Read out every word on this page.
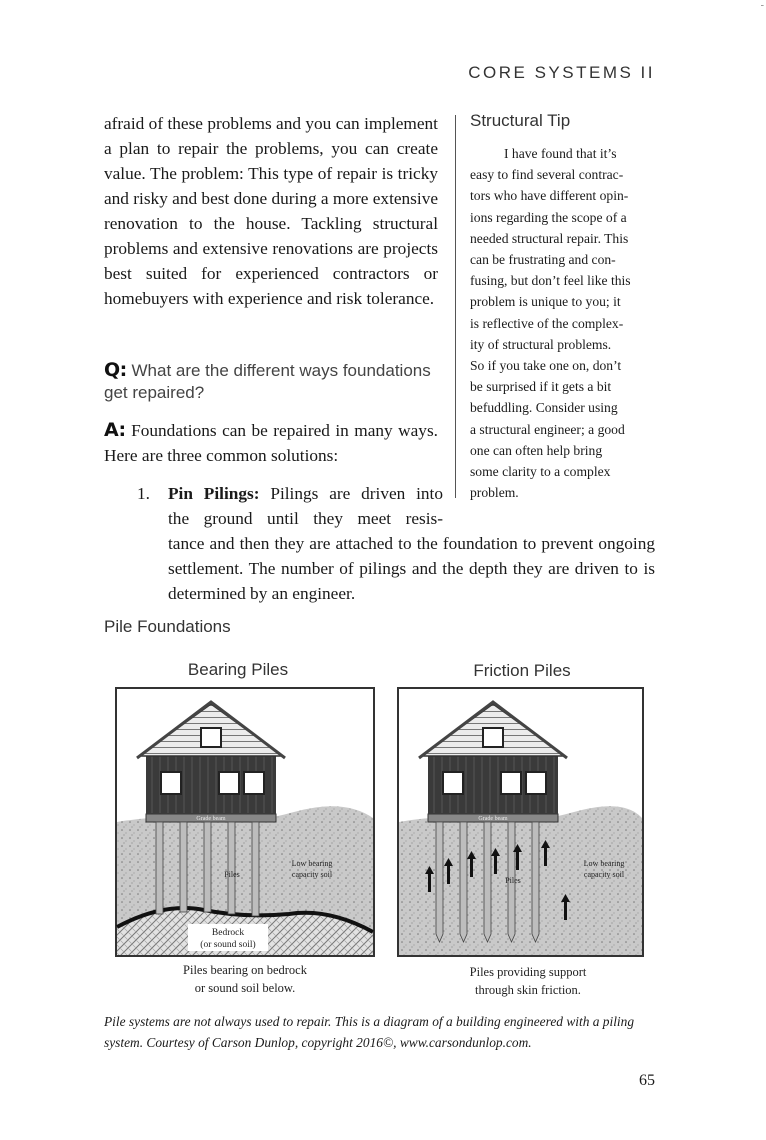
-
CORE SYSTEMS II

afraid of these problems and you can implement a plan to repair the problems, you can create value. The problem: This type of repair is tricky and risky and best done during a more extensive renovation to the house. Tackling structural problems and extensive renovations are projects best suited for experienced contractors or homebuyers with experience and risk tolerance.

Q: What are the different ways foundations get repaired?
A: Foundations can be repaired in many ways. Here are three common solutions:
1. Pin Pilings: Pilings are driven into
the ground until they meet resis-
tance and then they are attached to the foundation to prevent ongoing settlement. The number of pilings and the depth they are driven to is determined by an engineer.
Structural Tip
I have found that it’s
easy to find several contrac-
tors who have different opin-
ions regarding the scope of a
needed structural repair. This
can be frustrating and con-
fusing, but don’t feel like this
problem is unique to you; it
is reflective of the complex-
ity of structural problems.
So if you take one on, don’t
be surprised if it gets a bit
befuddling. Consider using
a structural engineer; a good
one can often help bring
some clarity to a complex
problem.
Pile Foundations
Bearing Piles
Grade beam
Low bearing
capacity soil
Piles
Bedrock
(or sound soil)
Piles bearing on bedrock
or sound soil below.
Friction Piles
Grade beam
Low bearing
capacity soil
Piles
Piles providing support
through skin friction.
Pile systems are not always used to repair. This is a diagram of a building engineered with a piling system. Courtesy of Carson Dunlop, copyright 2016©, www.carsondunlop.com.
65
